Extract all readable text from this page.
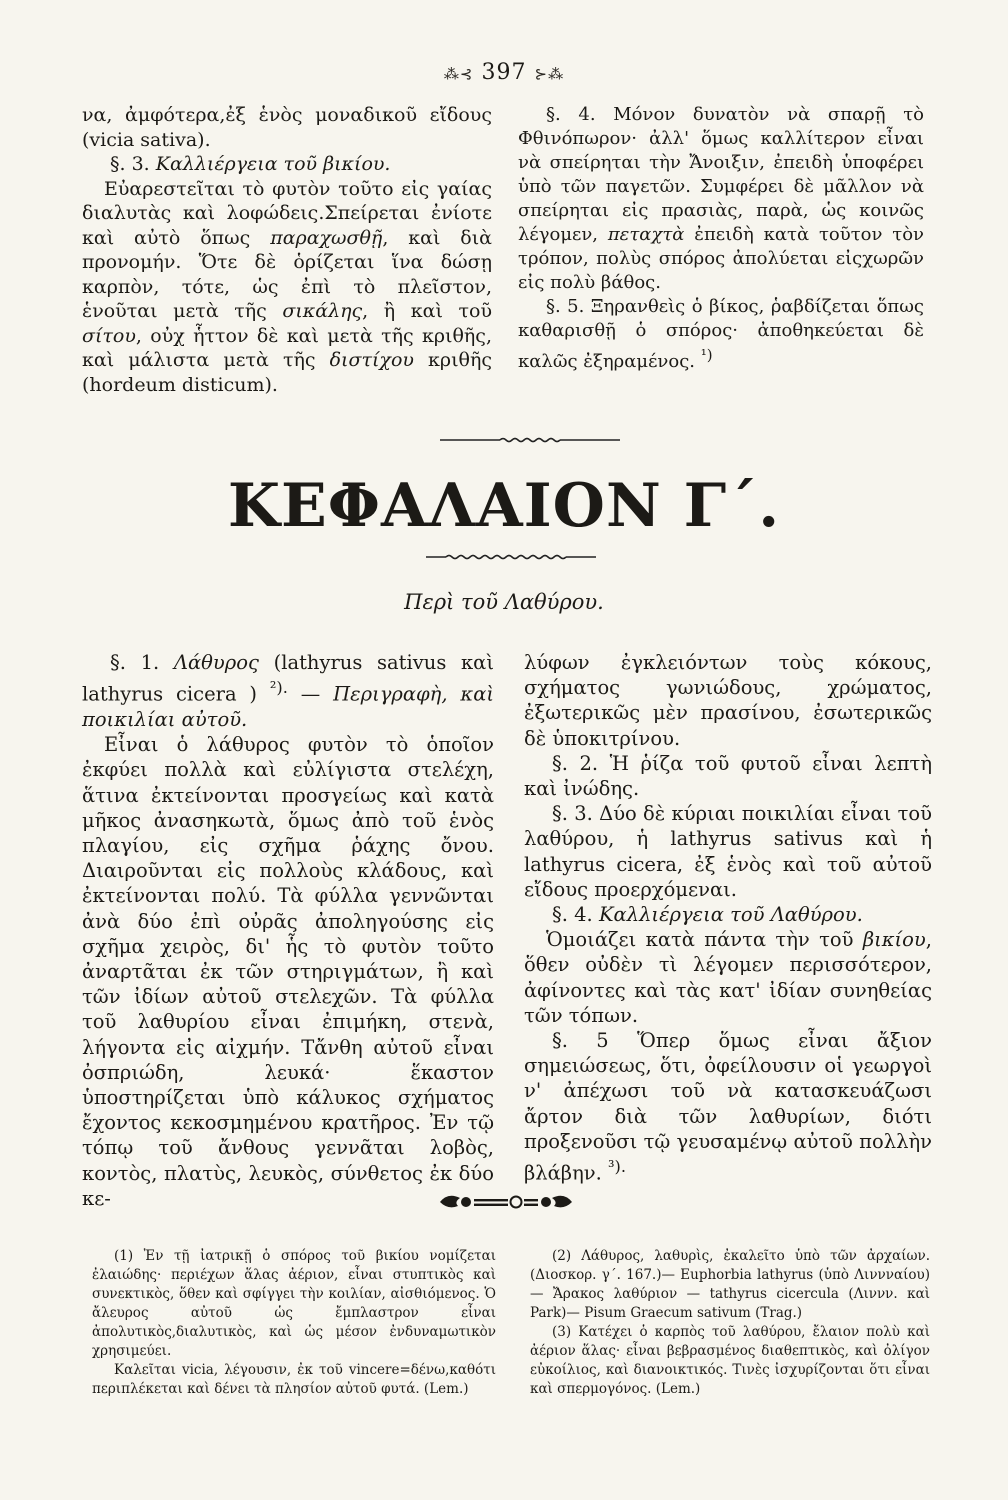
⁂⊰ 397 ⊱⁂

να, ἀμφότερα,ἐξ ἑνὸς μοναδικοῦ εἴδους (vicia sativa).

§. 3. Καλλιέργεια τοῦ βικίου.

Εὐαρεστεῖται τὸ φυτὸν τοῦτο εἰς γαίας διαλυτὰς καὶ λοφώδεις.Σπείρεται ἐνίοτε καὶ αὐτὸ ὅπως παραχωσθῇ, καὶ διὰ προνομήν. Ὅτε δὲ ὁρίζεται ἵνα δώσῃ καρπὸν, τότε, ὡς ἐπὶ τὸ πλεῖστον, ἑνοῦται μετὰ τῆς σικάλης, ἢ καὶ τοῦ σίτου, οὐχ ἧττον δὲ καὶ μετὰ τῆς κριθῆς, καὶ μάλιστα μετὰ τῆς διστίχου κριθῆς (hordeum disticum).

§. 4. Μόνον δυνατὸν νὰ σπαρῇ τὸ Φθινόπωρον· ἀλλ' ὅμως καλλίτερον εἶναι νὰ σπείρηται τὴν Ἄνοιξιν, ἐπειδὴ ὑποφέρει ὑπὸ τῶν παγετῶν. Συμφέρει δὲ μᾶλλον νὰ σπείρηται εἰς πρασιὰς, παρὰ, ὡς κοινῶς λέγομεν, πεταχτὰ ἐπειδὴ κατὰ τοῦτον τὸν τρόπον, πολὺς σπόρος ἀπολύεται εἰςχωρῶν εἰς πολὺ βάθος.

§. 5. Ξηρανθεὶς ὁ βίκος, ῥαβδίζεται ὅπως καθαρισθῇ ὁ σπόρος· ἀποθηκεύεται δὲ καλῶς ἐξηραμένος. $^{^1)}$

ΚΕΦΑΛΑΙΟΝ Γ΄.
Περὶ τοῦ Λαθύρου.

§. 1. Λάθυρος (lathyrus sativus καὶ lathyrus cicera ) $^{^2).}$ — Περιγραφὴ, καὶ ποικιλίαι αὐτοῦ.

Εἶναι ὁ λάθυρος φυτὸν τὸ ὁποῖον ἐκφύει πολλὰ καὶ εὐλίγιστα στελέχη, ἅτινα ἐκτείνονται προσγείως καὶ κατὰ μῆκος ἀνασηκωτὰ, ὅμως ἀπὸ τοῦ ἑνὸς πλαγίου, εἰς σχῆμα ῥάχης ὄνου. Διαιροῦνται εἰς πολλοὺς κλάδους, καὶ ἐκτείνονται πολύ. Τὰ φύλλα γεννῶνται ἀνὰ δύο ἐπὶ οὐρᾶς ἀποληγούσης εἰς σχῆμα χειρὸς, δι' ἧς τὸ φυτὸν τοῦτο ἀναρτᾶται ἐκ τῶν στηριγμάτων, ἢ καὶ τῶν ἰδίων αὐτοῦ στελεχῶν. Τὰ φύλλα τοῦ λαθυρίου εἶναι ἐπιμήκη, στενὰ, λήγοντα εἰς αἰχμήν. Τἄνθη αὐτοῦ εἶναι ὀσπριώδη, λευκά· ἕκαστον ὑποστηρίζεται ὑπὸ κάλυκος σχήματος ἔχοντος κεκοσμημένου κρατῆρος. Ἐν τῷ τόπῳ τοῦ ἄνθους γεννᾶται λοβὸς, κοντὸς, πλατὺς, λευκὸς, σύνθετος ἐκ δύο κε-

λύφων ἐγκλειόντων τοὺς κόκους, σχήματος γωνιώδους, χρώματος, ἐξωτερικῶς μὲν πρασίνου, ἐσωτερικῶς δὲ ὑποκιτρίνου.

§. 2. Ἡ ῥίζα τοῦ φυτοῦ εἶναι λεπτὴ καὶ ἰνώδης.

§. 3. Δύο δὲ κύριαι ποικιλίαι εἶναι τοῦ λαθύρου, ἡ lathyrus sativus καὶ ἡ lathyrus cicera, ἐξ ἑνὸς καὶ τοῦ αὐτοῦ εἴδους προερχόμεναι.

§. 4. Καλλιέργεια τοῦ Λαθύρου.

Ὁμοιάζει κατὰ πάντα τὴν τοῦ βικίου, ὅθεν οὐδὲν τὶ λέγομεν περισσότερον, ἀφίνοντες καὶ τὰς κατ' ἰδίαν συνηθείας τῶν τόπων.

§. 5 Ὅπερ ὅμως εἶναι ἄξιον σημειώσεως, ὅτι, ὀφείλουσιν οἱ γεωργοὶ ν' ἀπέχωσι τοῦ νὰ κατασκευάζωσι ἄρτον διὰ τῶν λαθυρίων, διότι προξενοῦσι τῷ γευσαμένῳ αὐτοῦ πολλὴν βλάβην. $^{^3).}$

(1) Ἐν τῇ ἰατρικῇ ὁ σπόρος τοῦ βικίου νομίζεται ἐλαιώδης· περιέχων ἅλας ἀέριον, εἶναι στυπτικὸς καὶ συνεκτικὸς, ὅθεν καὶ σφίγγει τὴν κοιλίαν, αἰσθιόμενος. Ὁ ἄλευρος αὐτοῦ ὡς ἔμπλαστρον εἶναι ἀπολυτικὸς,διαλυτικὸς, καὶ ὡς μέσον ἐνδυναμωτικὸν χρησιμεύει.

Καλεῖται vicia, λέγουσιν, ἐκ τοῦ vincere=δένω,καθότι περιπλέκεται καὶ δένει τὰ πλησίον αὐτοῦ φυτά. (Lem.)

(2) Λάθυρος, λαθυρὶς, ἐκαλεῖτο ὑπὸ τῶν ἀρχαίων. (Διοσκορ. γ΄. 167.)— Euphorbia lathyrus (ὑπὸ Λιννναίου)— Ἄρακος λαθύριον — tathyrus cicercula (Λιννν. καὶ Park)— Pisum Graecum sativum (Trag.)

(3) Κατέχει ὁ καρπὸς τοῦ λαθύρου, ἔλαιον πολὺ καὶ ἀέριον ἅλας· εἶναι βεβρασμένος διαθεπτικὸς, καὶ ὀλίγον εὐκοίλιος, καὶ διανοικτικός. Τινὲς ἰσχυρίζονται ὅτι εἶναι καὶ σπερμογόνος. (Lem.)
